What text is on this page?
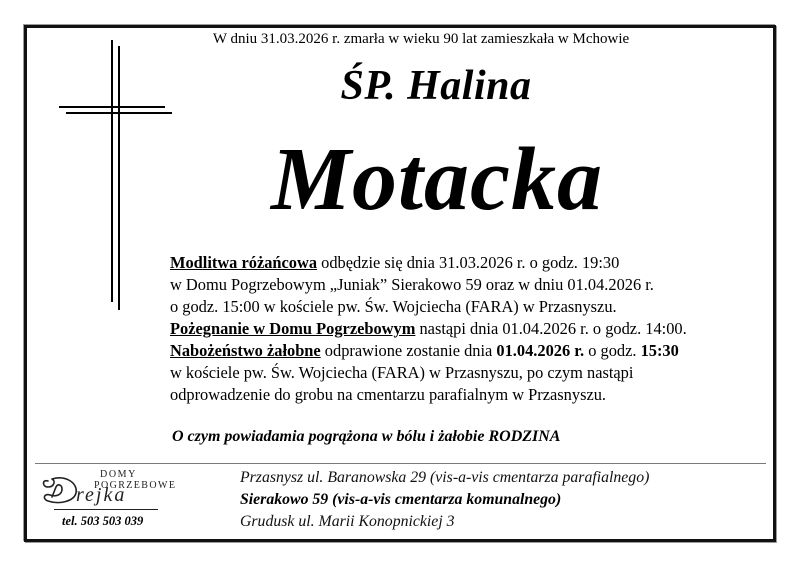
W dniu 31.03.2026 r. zmarła w wieku 90 lat zamieszkała w Mchowie
ŚP. Halina
Motacka
Modlitwa różańcowa odbędzie się dnia 31.03.2026 r. o godz. 19:30
w Domu Pogrzebowym „Juniak” Sierakowo 59 oraz w dniu 01.04.2026 r.
o godz. 15:00 w kościele pw. Św. Wojciecha (FARA) w Przasnyszu.
Pożegnanie w Domu Pogrzebowym nastąpi dnia 01.04.2026 r. o godz. 14:00.
Nabożeństwo żałobne odprawione zostanie dnia 01.04.2026 r. o godz. 15:30
w kościele pw. Św. Wojciecha (FARA) w Przasnyszu, po czym nastąpi
odprowadzenie do grobu na cmentarzu parafialnym w Przasnyszu.
O czym powiadamia pogrążona w bólu i żałobie RODZINA
DOMY
POGRZEBOWE
rejka
tel. 503 503 039
Przasnysz ul. Baranowska 29 (vis-a-vis cmentarza parafialnego)
Sierakowo 59 (vis-a-vis cmentarza komunalnego)
Grudusk ul. Marii Konopnickiej 3
